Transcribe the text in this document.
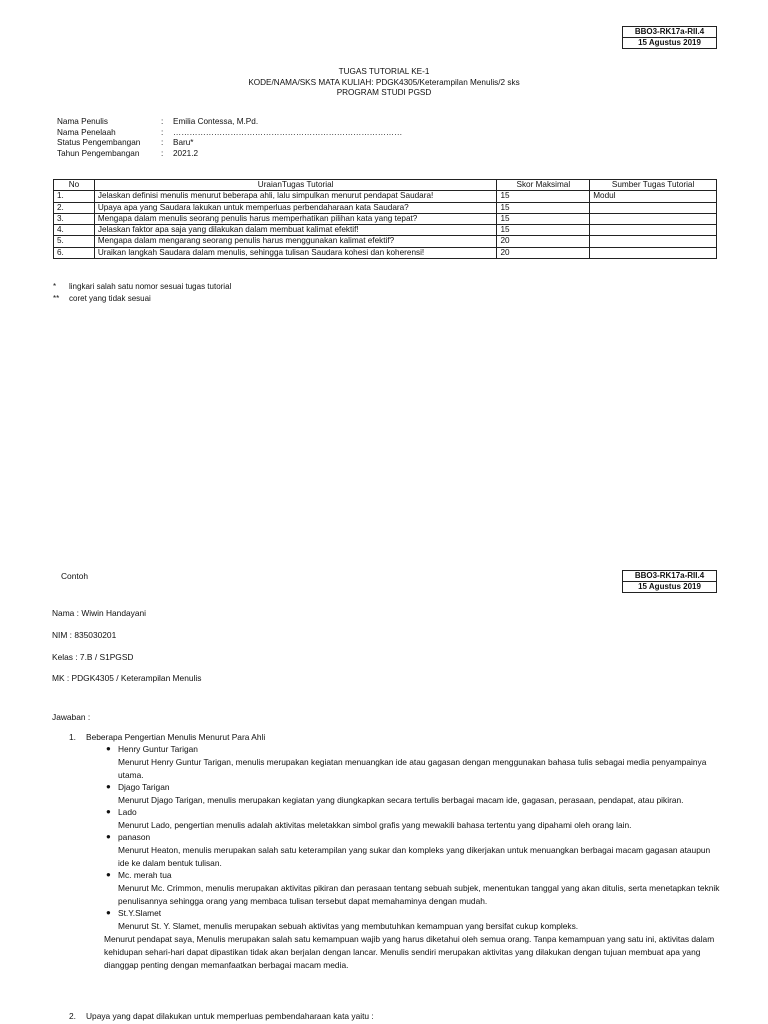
BBO3-RK17a-RII.4
15 Agustus 2019
TUGAS TUTORIAL KE-1
KODE/NAMA/SKS MATA KULIAH: PDGK4305/Keterampilan Menulis/2 sks
PROGRAM STUDI PGSD
Nama Penulis	:	Emilia Contessa, M.Pd.
Nama Penelaah	:	…………………………………………………………………………
Status Pengembangan	:	Baru*
Tahun Pengembangan	:	2021.2
No	UraianTugas Tutorial	Skor Maksimal	Sumber Tugas Tutorial
1.	Jelaskan definisi menulis menurut beberapa ahli, lalu simpulkan menurut pendapat Saudara!	15	Modul
2.	Upaya apa yang Saudara lakukan untuk memperluas perbendaharaan kata Saudara?	15	
3.	Mengapa dalam menulis seorang penulis harus memperhatikan pilihan kata yang tepat?	15	
4.	Jelaskan faktor apa saja yang dilakukan dalam membuat kalimat efektif!	15	
5.	Mengapa dalam mengarang seorang penulis harus menggunakan kalimat efektif?	20	
6.	Uraikan langkah Saudara dalam menulis, sehingga tulisan Saudara kohesi dan koherensi!	20	
* lingkari salah satu nomor sesuai tugas tutorial
** coret yang tidak sesuai
Contoh	BBO3-RK17a-RII.4
15 Agustus 2019
Nama : Wiwin Handayani
NIM : 835030201
Kelas : 7.B / S1PGSD
MK : PDGK4305 / Keterampilan Menulis
Jawaban :
1. Beberapa Pengertian Menulis Menurut Para Ahli
● Henry Guntur Tarigan
Menurut Henry Guntur Tarigan, menulis merupakan kegiatan menuangkan ide atau gagasan dengan menggunakan bahasa tulis sebagai media penyampainya utama.
● Djago Tarigan
Menurut Djago Tarigan, menulis merupakan kegiatan yang diungkapkan secara tertulis berbagai macam ide, gagasan, perasaan, pendapat, atau pikiran.
● Lado
Menurut Lado, pengertian menulis adalah aktivitas meletakkan simbol grafis yang mewakili bahasa tertentu yang dipahami oleh orang lain.
● panason
Menurut Heaton, menulis merupakan salah satu keterampilan yang sukar dan kompleks yang dikerjakan untuk menuangkan berbagai macam gagasan ataupun ide ke dalam bentuk tulisan.
● Mc. merah tua
Menurut Mc. Crimmon, menulis merupakan aktivitas pikiran dan perasaan tentang sebuah subjek, menentukan tanggal yang akan ditulis, serta menetapkan teknik penulisannya sehingga orang yang membaca tulisan tersebut dapat memahaminya dengan mudah.
● St.Y.Slamet
Menurut St. Y. Slamet, menulis merupakan sebuah aktivitas yang membutuhkan kemampuan yang bersifat cukup kompleks.
Menurut pendapat saya, Menulis merupakan salah satu kemampuan wajib yang harus diketahui oleh semua orang. Tanpa kemampuan yang satu ini, aktivitas dalam kehidupan sehari-hari dapat dipastikan tidak akan berjalan dengan lancar. Menulis sendiri merupakan aktivitas yang dilakukan dengan tujuan membuat apa yang dianggap penting dengan memanfaatkan berbagai macam media.
2. Upaya yang dapat dilakukan untuk memperluas pembendaharaan kata yaitu :
